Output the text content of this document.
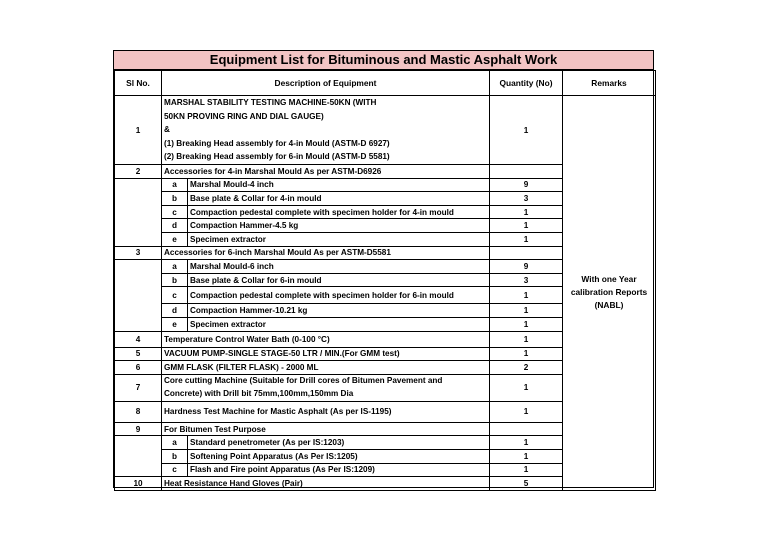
Equipment List for Bituminous and Mastic Asphalt Work
Sl No.	Description of Equipment		Quantity (No)	Remarks
1	MARSHAL STABILITY TESTING MACHINE-50KN (WITH
50KN PROVING RING AND DIAL GAUGE)
&
(1) Breaking Head assembly for 4-in Mould (ASTM-D 6927)
(2) Breaking Head assembly for 6-in Mould (ASTM-D 5581)		1	With one Year calibration Reports (NABL)
2	Accessories for 4-in Marshal Mould As per ASTM-D6926			
	a	Marshal Mould-4 inch	9	
	b	Base plate & Collar for 4-in mould	3	
	c	Compaction pedestal complete with specimen holder for 4-in mould	1	
	d	Compaction Hammer-4.5 kg	1	
	e	Specimen extractor	1	
3	Accessories for 6-inch Marshal Mould As per ASTM-D5581			
	a	Marshal Mould-6 inch	9	
	b	Base plate & Collar for 6-in mould	3	
	c	Compaction pedestal complete with specimen holder for 6-in mould	1	
	d	Compaction Hammer-10.21 kg	1	
	e	Specimen extractor	1	
4	Temperature Control Water Bath (0-100 °C)		1	
5	VACUUM PUMP-SINGLE STAGE-50 LTR / MIN.(For GMM test)		1	
6	GMM FLASK (FILTER FLASK) - 2000 ML		2	
7	Core cutting Machine (Suitable for Drill cores of Bitumen Pavement and
Concrete) with Drill bit 75mm,100mm,150mm Dia		1	
8	Hardness Test Machine for Mastic Asphalt (As per IS-1195)		1	
9	For Bitumen Test Purpose			
	a	Standard penetrometer (As per IS:1203)	1	
	b	Softening Point Apparatus (As Per IS:1205)	1	
	c	Flash and Fire point Apparatus (As Per IS:1209)	1	
10	Heat Resistance Hand Gloves (Pair)		5	
